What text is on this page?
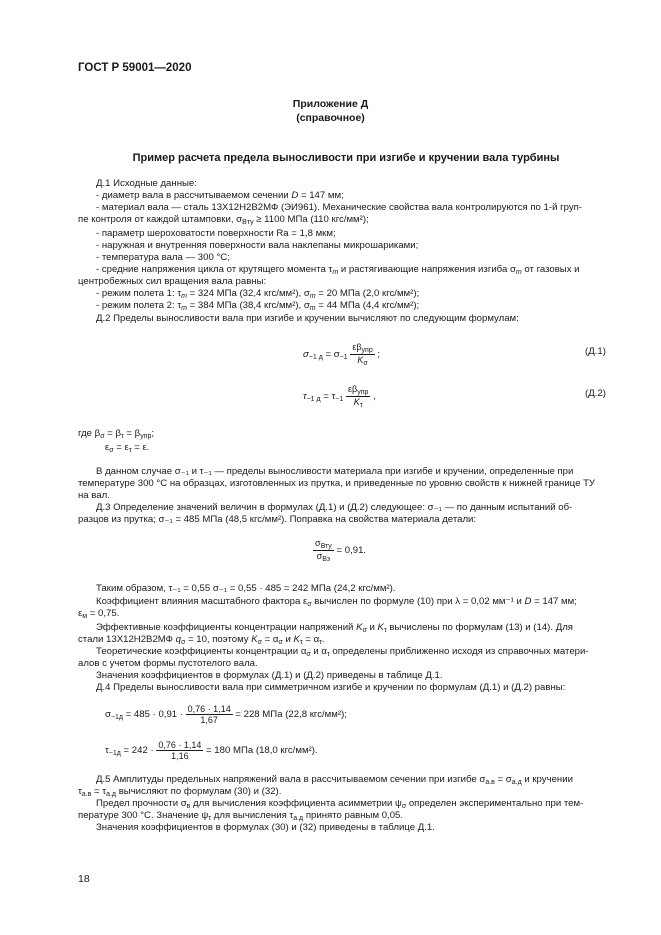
ГОСТ Р 59001—2020
Приложение Д
(справочное)
Пример расчета предела выносливости при изгибе и кручении вала турбины
Д.1 Исходные данные:
- диаметр вала в рассчитываемом сечении D = 147 мм;
- материал вала — сталь 13Х12Н2В2МФ (ЭИ961). Механические свойства вала контролируются по 1-й груп-
пе контроля от каждой штамповки, $\sigma_{Bту} \ge 1100$ МПа (110 кгс/мм²);
- параметр шероховатости поверхности Ra = 1,8 мкм;
- наружная и внутренняя поверхности вала наклепаны микрошариками;
- температура вала — 300 °С;
- средние напряжения цикла от крутящего момента $\tau_m$ и растягивающие напряжения изгиба $\sigma_m$ от газовых и
центробежных сил вращения вала равны:
- режим полета 1: $\tau_m = 324$ МПа (32,4 кгс/мм²), $\sigma_m = 20$ МПа (2,0 кгс/мм²);
- режим полета 2: $\tau_m = 384$ МПа (38,4 кгс/мм²), $\sigma_m = 44$ МПа (4,4 кгс/мм²);
Д.2 Пределы выносливости вала при изгибе и кручении вычисляют по следующим формулам:
$\sigma_{-1 д} = \sigma_{-1} \frac{\varepsilon\beta_{упр}}{K_\sigma}$ ;	(Д.1)
$\tau_{-1 д} = \tau_{-1} \frac{\varepsilon\beta_{упр}}{K_\tau}$ ,	(Д.2)
где $\beta_\sigma = \beta_\tau = \beta_{упр}$;
$\varepsilon_\sigma = \varepsilon_\tau = \varepsilon$.
В данном случае σ₋₁ и τ₋₁ — пределы выносливости материала при изгибе и кручении, определенные при
температуре 300 °С на образцах, изготовленных из прутка, и приведенные по уровню свойств к нижней границе ТУ
на вал.
Д.3 Определение значений величин в формулах (Д.1) и (Д.2) следующее: σ₋₁ — по данным испытаний об-
разцов из прутка; σ₋₁ = 485 МПа (48,5 кгс/мм²). Поправка на свойства материала детали:
$\frac{\sigma_{Вту}}{\sigma_{Вз}} = 0,91$.
Таким образом, τ₋₁ = 0,55 σ₋₁ = 0,55 · 485 = 242 МПа (24,2 кгс/мм²).
Коэффициент влияния масштабного фактора $\varepsilon_\sigma$ вычислен по формуле (10) при λ = 0,02 мм⁻¹ и D = 147 мм;
$\varepsilon_м = 0,75$.
Эффективные коэффициенты концентрации напряжений $K_\sigma$ и $K_\tau$ вычислены по формулам (13) и (14). Для
стали 13Х12Н2В2МФ $q_\sigma = 10$, поэтому $K_\sigma = \alpha_\sigma$ и $K_\tau = \alpha_\tau$.
Теоретические коэффициенты концентрации $\alpha_\sigma$ и $\alpha_\tau$ определены приближенно исходя из справочных матери-
алов с учетом формы пустотелого вала.
Значения коэффициентов в формулах (Д.1) и (Д.2) приведены в таблице Д.1.
Д.4 Пределы выносливости вала при симметричном изгибе и кручении по формулам (Д.1) и (Д.2) равны:
$\sigma_{-1д} = 485 \cdot 0,91 \cdot \frac{0,76 \cdot 1,14}{1,67} = 228$ МПа (22,8 кгс/мм²);
$\tau_{-1д} = 242 \cdot \frac{0,76 \cdot 1,14}{1,16} = 180$ МПа (18,0 кгс/мм²).
Д.5 Амплитуды предельных напряжений вала в рассчитываемом сечении при изгибе $\sigma_{а.в} = \sigma_{а.д}$ и кручении
$\tau_{а.в} = \tau_{а.д}$ вычисляют по формулам (30) и (32).
Предел прочности $\sigma_в$ для вычисления коэффициента асимметрии $\psi_\sigma$ определен экспериментально при тем-
пературе 300 °С. Значение $\psi_\tau$ для вычисления $\tau_{а.д}$ принято равным 0,05.
Значения коэффициентов в формулах (30) и (32) приведены в таблице Д.1.
18
